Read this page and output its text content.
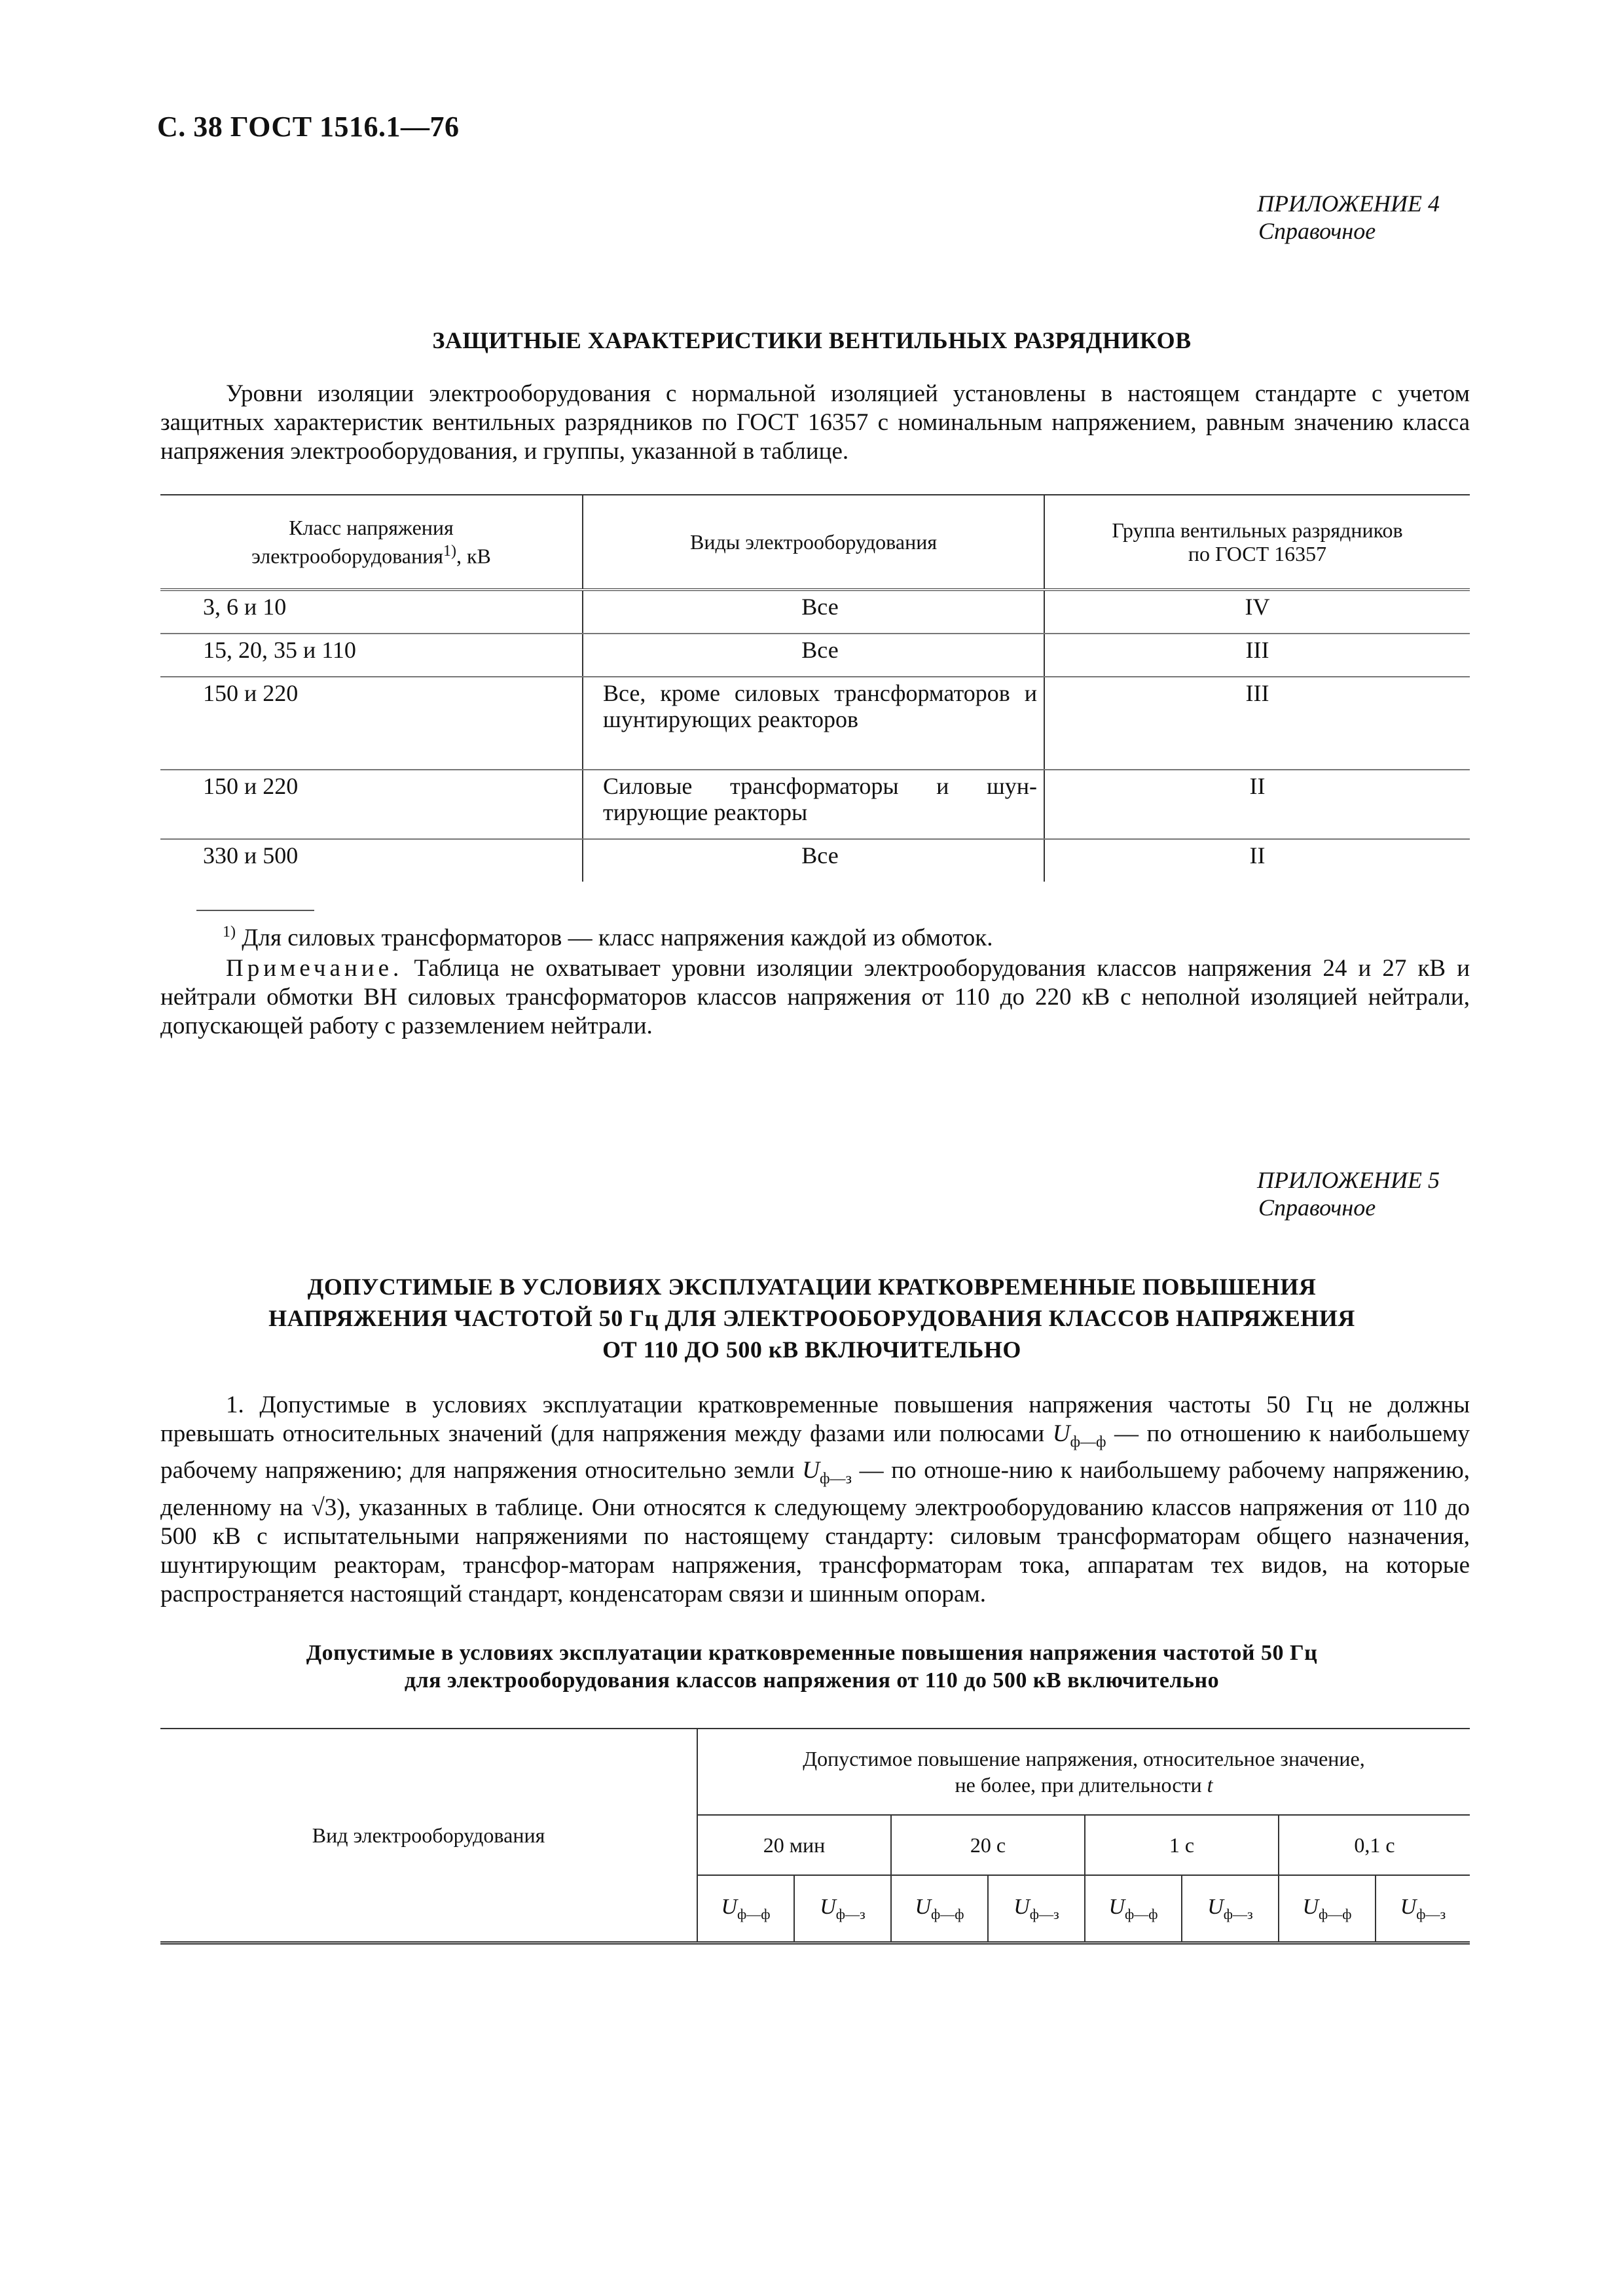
С. 38 ГОСТ 1516.1—76
ПРИЛОЖЕНИЕ 4
Справочное
ЗАЩИТНЫЕ ХАРАКТЕРИСТИКИ ВЕНТИЛЬНЫХ РАЗРЯДНИКОВ
Уровни изоляции электрооборудования с нормальной изоляцией установлены в настоящем стандарте с учетом защитных характеристик вентильных разрядников по ГОСТ 16357 с номинальным напряжением, равным значению класса напряжения электрооборудования, и группы, указанной в таблице.
Класс напряжения
электрооборудования$^{1)}$, кВ	Виды электрооборудования	Группа вентильных разрядников
по ГОСТ 16357
3, 6 и 10	Все	IV
15, 20, 35 и 110	Все	III
150 и 220	Все, кроме силовых трансформаторов и шунтирующих реакторов	III
150 и 220	Силовые трансформаторы и шун-тирующие реакторы	II
330 и 500	Все	II
$^{1)}$ Для силовых трансформаторов — класс напряжения каждой из обмоток.
Примечание. Таблица не охватывает уровни изоляции электрооборудования классов напряжения 24 и 27 кВ и нейтрали обмотки ВН силовых трансформаторов классов напряжения от 110 до 220 кВ с неполной изоляцией нейтрали, допускающей работу с разземлением нейтрали.
ПРИЛОЖЕНИЕ 5
Справочное
ДОПУСТИМЫЕ В УСЛОВИЯХ ЭКСПЛУАТАЦИИ КРАТКОВРЕМЕННЫЕ ПОВЫШЕНИЯ
НАПРЯЖЕНИЯ ЧАСТОТОЙ 50 Гц ДЛЯ ЭЛЕКТРООБОРУДОВАНИЯ КЛАССОВ НАПРЯЖЕНИЯ
ОТ 110 ДО 500 кВ ВКЛЮЧИТЕЛЬНО
1. Допустимые в условиях эксплуатации кратковременные повышения напряжения частоты 50 Гц не должны превышать относительных значений (для напряжения между фазами или полюсами $U_{ф—ф}$ — по отношению к наибольшему рабочему напряжению; для напряжения относительно земли $U_{ф—з}$ — по отноше-нию к наибольшему рабочему напряжению, деленному на √3), указанных в таблице. Они относятся к следующему электрооборудованию классов напряжения от 110 до 500 кВ с испытательными напряжениями по настоящему стандарту: силовым трансформаторам общего назначения, шунтирующим реакторам, трансфор-маторам напряжения, трансформаторам тока, аппаратам тех видов, на которые распространяется настоящий стандарт, конденсаторам связи и шинным опорам.
Допустимые в условиях эксплуатации кратковременные повышения напряжения частотой 50 Гц
для электрооборудования классов напряжения от 110 до 500 кВ включительно
Вид электрооборудования	Допустимое повышение напряжения, относительное значение,
не более, при длительности t							
	20 мин		20 с		1 с		0,1 с	
	$U_{ф—ф}$	$U_{ф—з}$	$U_{ф—ф}$	$U_{ф—з}$	$U_{ф—ф}$	$U_{ф—з}$	$U_{ф—ф}$	$U_{ф—з}$
